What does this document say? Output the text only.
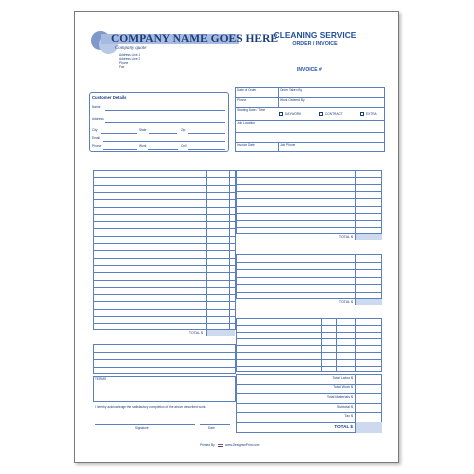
COMPANY NAME GOES HERE
Company quote
Address Line 1
Address Line 2
Phone
Fax
CLEANING SERVICE
ORDER / INVOICE
INVOICE #
Customer Details
Name
Address
City	State	Zip
Email
Phone	Work	Cell
Date of Order	Order Taken By
Phone	Work Ordered By
Starting Date / Time
DAYWORK	CONTRACT	EXTRA
Job Location
Invoice Date	Job Phone
DESCRIPTION OF WORK	AMOUNT
TOTAL $
MATERIALS AND EQUIPMENT	AMOUNT
TOTAL $
OTHER CHARGES	AMOUNT
TOTAL $
LABOR	HRS RATE AMOUNT
SPECIAL INSTRUCTIONS
TERMS	Total Labor $
Total Work $
Total Materials $
Subtotal $
Tax $
TOTAL $
I hereby acknowledge the satisfactory completion of the above described work.
Signature	Date
Printed By	www.DesignsnPrint.com
